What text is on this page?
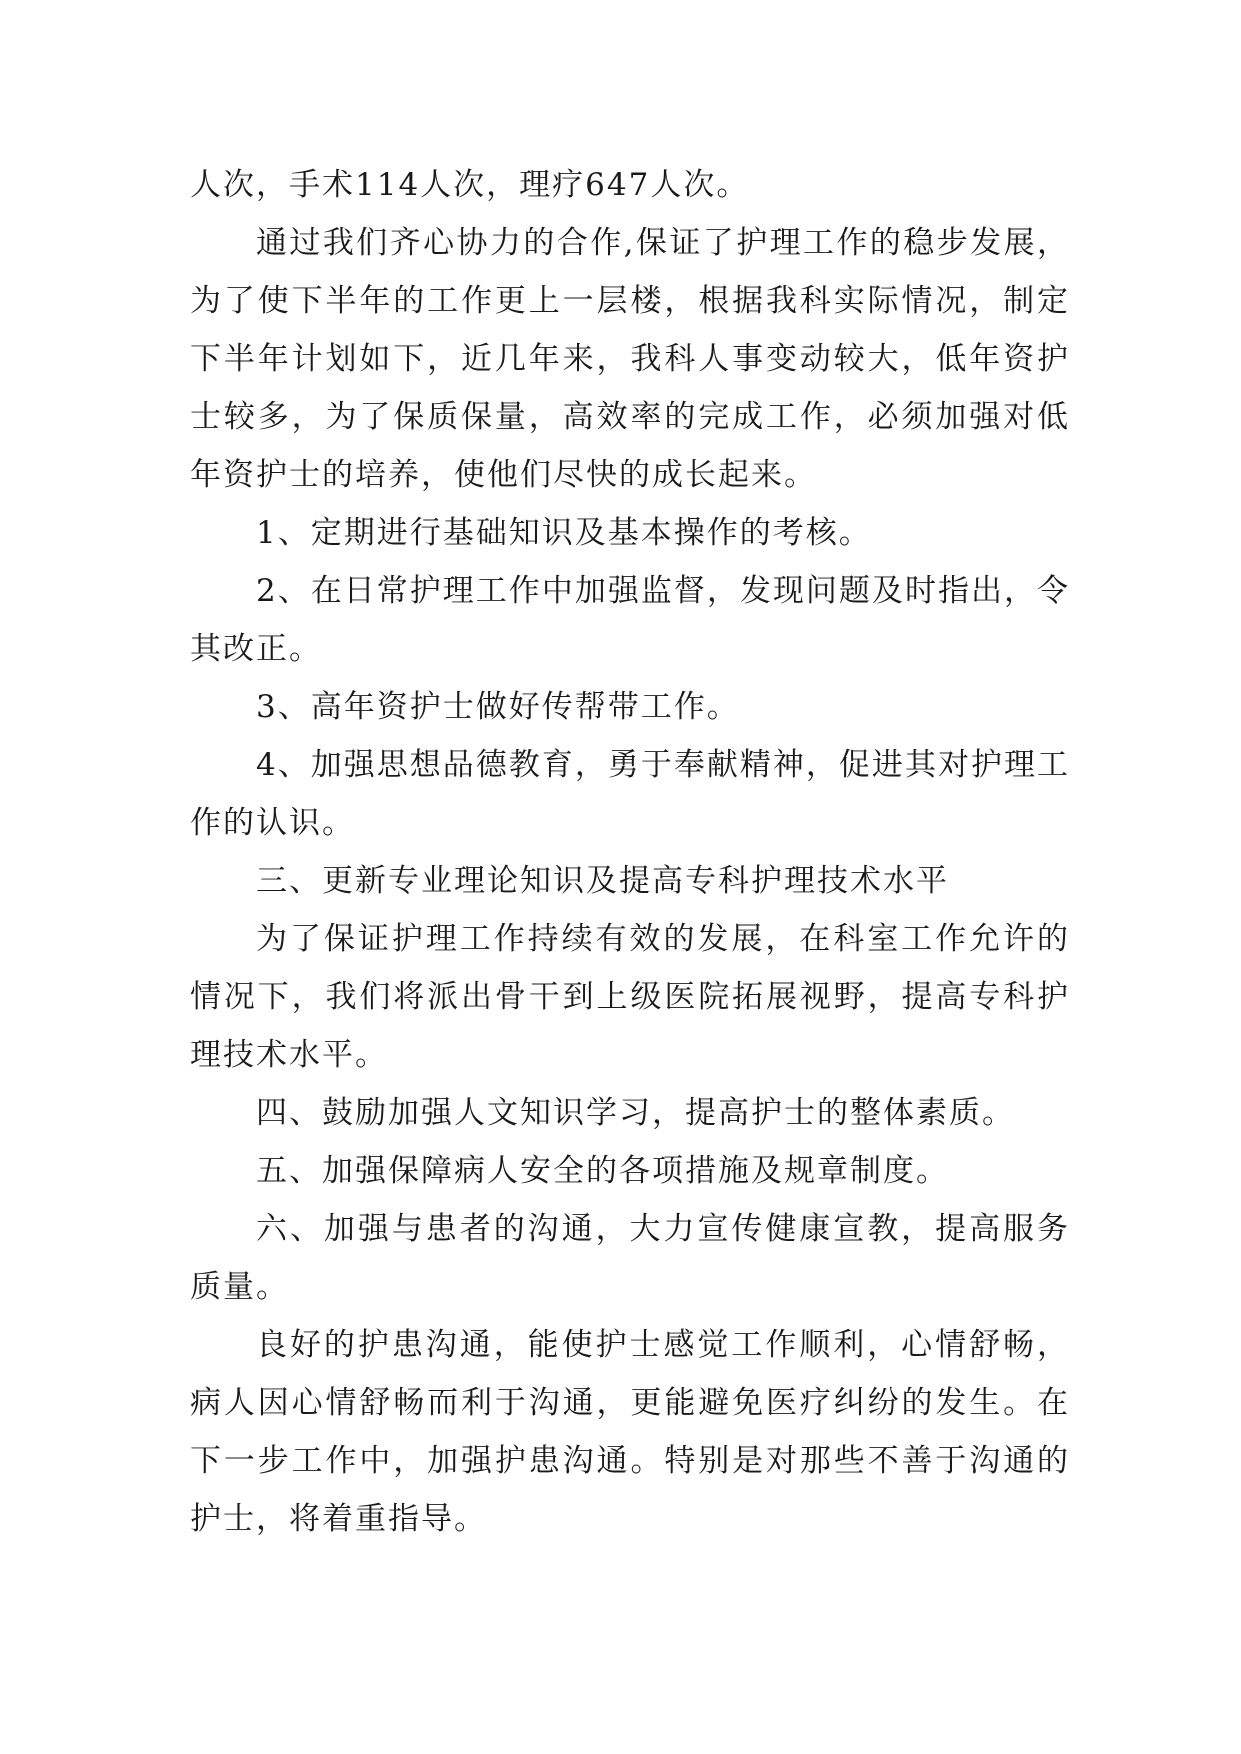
人次，手术114人次，理疗647人次。

通过我们齐心协力的合作,保证了护理工作的稳步发展，为了使下半年的工作更上一层楼，根据我科实际情况，制定下半年计划如下，近几年来，我科人事变动较大，低年资护士较多，为了保质保量，高效率的完成工作，必须加强对低年资护士的培养，使他们尽快的成长起来。

1、定期进行基础知识及基本操作的考核。

2、在日常护理工作中加强监督，发现问题及时指出，令其改正。

3、高年资护士做好传帮带工作。

4、加强思想品德教育，勇于奉献精神，促进其对护理工作的认识。

三、更新专业理论知识及提高专科护理技术水平

为了保证护理工作持续有效的发展，在科室工作允许的情况下，我们将派出骨干到上级医院拓展视野，提高专科护理技术水平。

四、鼓励加强人文知识学习，提高护士的整体素质。

五、加强保障病人安全的各项措施及规章制度。

六、加强与患者的沟通，大力宣传健康宣教，提高服务质量。

良好的护患沟通，能使护士感觉工作顺利，心情舒畅，病人因心情舒畅而利于沟通，更能避免医疗纠纷的发生。在下一步工作中，加强护患沟通。特别是对那些不善于沟通的护士，将着重指导。
